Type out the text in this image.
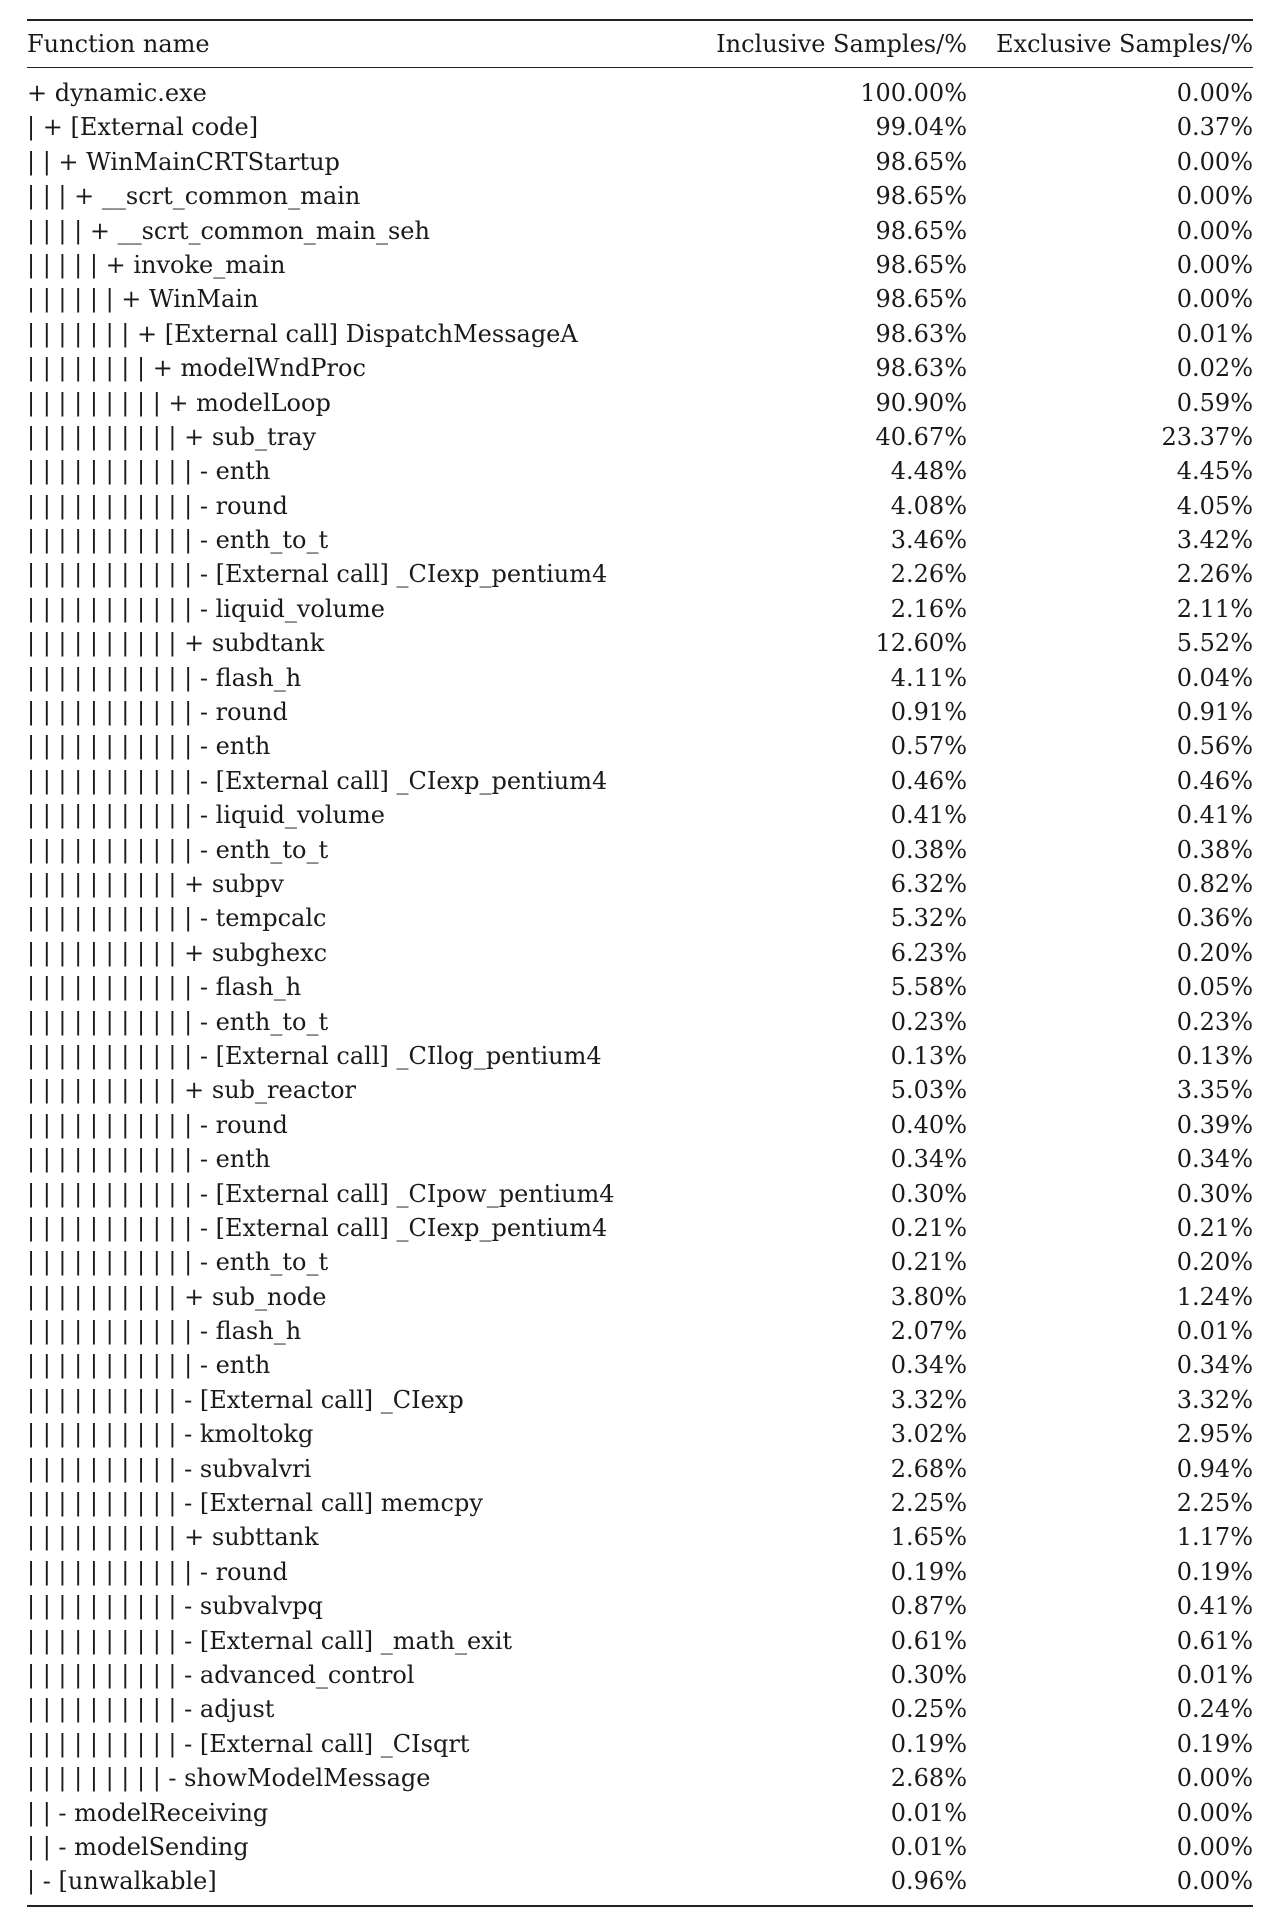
Function name	Inclusive Samples/%	Exclusive Samples/%
+ dynamic.exe	100.00%	0.00%
| + [External code]	99.04%	0.37%
| | + WinMainCRTStartup	98.65%	0.00%
| | | + __scrt_common_main	98.65%	0.00%
| | | | + __scrt_common_main_seh	98.65%	0.00%
| | | | | + invoke_main	98.65%	0.00%
| | | | | | + WinMain	98.65%	0.00%
| | | | | | | + [External call] DispatchMessageA	98.63%	0.01%
| | | | | | | | + modelWndProc	98.63%	0.02%
| | | | | | | | | + modelLoop	90.90%	0.59%
| | | | | | | | | | + sub_tray	40.67%	23.37%
| | | | | | | | | | | - enth	4.48%	4.45%
| | | | | | | | | | | - round	4.08%	4.05%
| | | | | | | | | | | - enth_to_t	3.46%	3.42%
| | | | | | | | | | | - [External call] _CIexp_pentium4	2.26%	2.26%
| | | | | | | | | | | - liquid_volume	2.16%	2.11%
| | | | | | | | | | + subdtank	12.60%	5.52%
| | | | | | | | | | | - flash_h	4.11%	0.04%
| | | | | | | | | | | - round	0.91%	0.91%
| | | | | | | | | | | - enth	0.57%	0.56%
| | | | | | | | | | | - [External call] _CIexp_pentium4	0.46%	0.46%
| | | | | | | | | | | - liquid_volume	0.41%	0.41%
| | | | | | | | | | | - enth_to_t	0.38%	0.38%
| | | | | | | | | | + subpv	6.32%	0.82%
| | | | | | | | | | | - tempcalc	5.32%	0.36%
| | | | | | | | | | + subghexc	6.23%	0.20%
| | | | | | | | | | | - flash_h	5.58%	0.05%
| | | | | | | | | | | - enth_to_t	0.23%	0.23%
| | | | | | | | | | | - [External call] _CIlog_pentium4	0.13%	0.13%
| | | | | | | | | | + sub_reactor	5.03%	3.35%
| | | | | | | | | | | - round	0.40%	0.39%
| | | | | | | | | | | - enth	0.34%	0.34%
| | | | | | | | | | | - [External call] _CIpow_pentium4	0.30%	0.30%
| | | | | | | | | | | - [External call] _CIexp_pentium4	0.21%	0.21%
| | | | | | | | | | | - enth_to_t	0.21%	0.20%
| | | | | | | | | | + sub_node	3.80%	1.24%
| | | | | | | | | | | - flash_h	2.07%	0.01%
| | | | | | | | | | | - enth	0.34%	0.34%
| | | | | | | | | | - [External call] _CIexp	3.32%	3.32%
| | | | | | | | | | - kmoltokg	3.02%	2.95%
| | | | | | | | | | - subvalvri	2.68%	0.94%
| | | | | | | | | | - [External call] memcpy	2.25%	2.25%
| | | | | | | | | | + subttank	1.65%	1.17%
| | | | | | | | | | | - round	0.19%	0.19%
| | | | | | | | | | - subvalvpq	0.87%	0.41%
| | | | | | | | | | - [External call] _math_exit	0.61%	0.61%
| | | | | | | | | | - advanced_control	0.30%	0.01%
| | | | | | | | | | - adjust	0.25%	0.24%
| | | | | | | | | | - [External call] _CIsqrt	0.19%	0.19%
| | | | | | | | | - showModelMessage	2.68%	0.00%
| | - modelReceiving	0.01%	0.00%
| | - modelSending	0.01%	0.00%
| - [unwalkable]	0.96%	0.00%
